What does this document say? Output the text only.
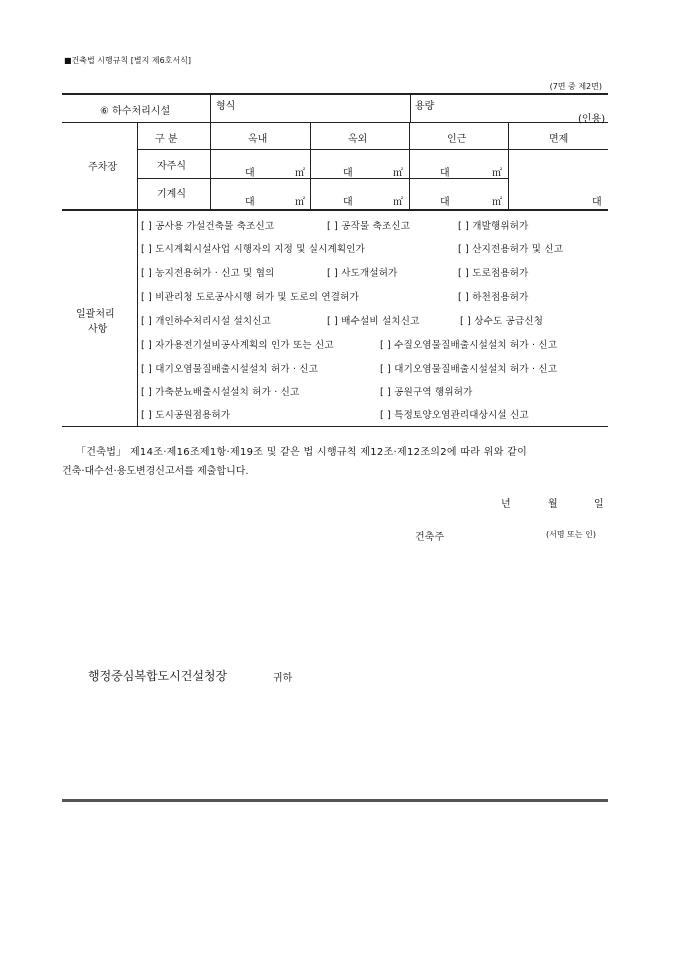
■건축법 시행규칙 [별지 제6호서식]
(7면 중 제2면)
⑥ 하수처리시설	형식	용량
(인용)
주차장
구 분	옥내	옥외	인근	면제
자주식
대	㎡	대	㎡	대	㎡
기계식
대	㎡	대	㎡	대	㎡	대
일괄처리
사항
[ ] 공사용 가설건축물 축조신고	[ ] 공작물 축조신고	[ ] 개발행위허가
[ ] 도시계획시설사업 시행자의 지정 및 실시계획인가	[ ] 산지전용허가 및 신고
[ ] 농지전용허가 · 신고 및 협의	[ ] 사도개설허가	[ ] 도로점용허가
[ ] 비관리청 도로공사시행 허가 및 도로의 연결허가	[ ] 하천점용허가
[ ] 개인하수처리시설 설치신고	[ ] 배수설비 설치신고	[ ] 상수도 공급신청
[ ] 자가용전기설비공사계획의 인가 또는 신고	[ ] 수질오염물질배출시설설치 허가 · 신고
[ ] 대기오염물질배출시설설치 허가 · 신고	[ ] 대기오염물질배출시설설치 허가 · 신고
[ ] 가축분뇨배출시설설치 허가 · 신고	[ ] 공원구역 행위허가
[ ] 도시공원점용허가	[ ] 특정토양오염관리대상시설 신고
「건축법」 제14조·제16조제1항·제19조 및 같은 법 시행규칙 제12조·제12조의2에 따라 위와 같이
건축·대수선·용도변경신고서를 제출합니다.
년	월	일
건축주	(서명 또는 인)
행정중심복합도시건설청장	귀하
